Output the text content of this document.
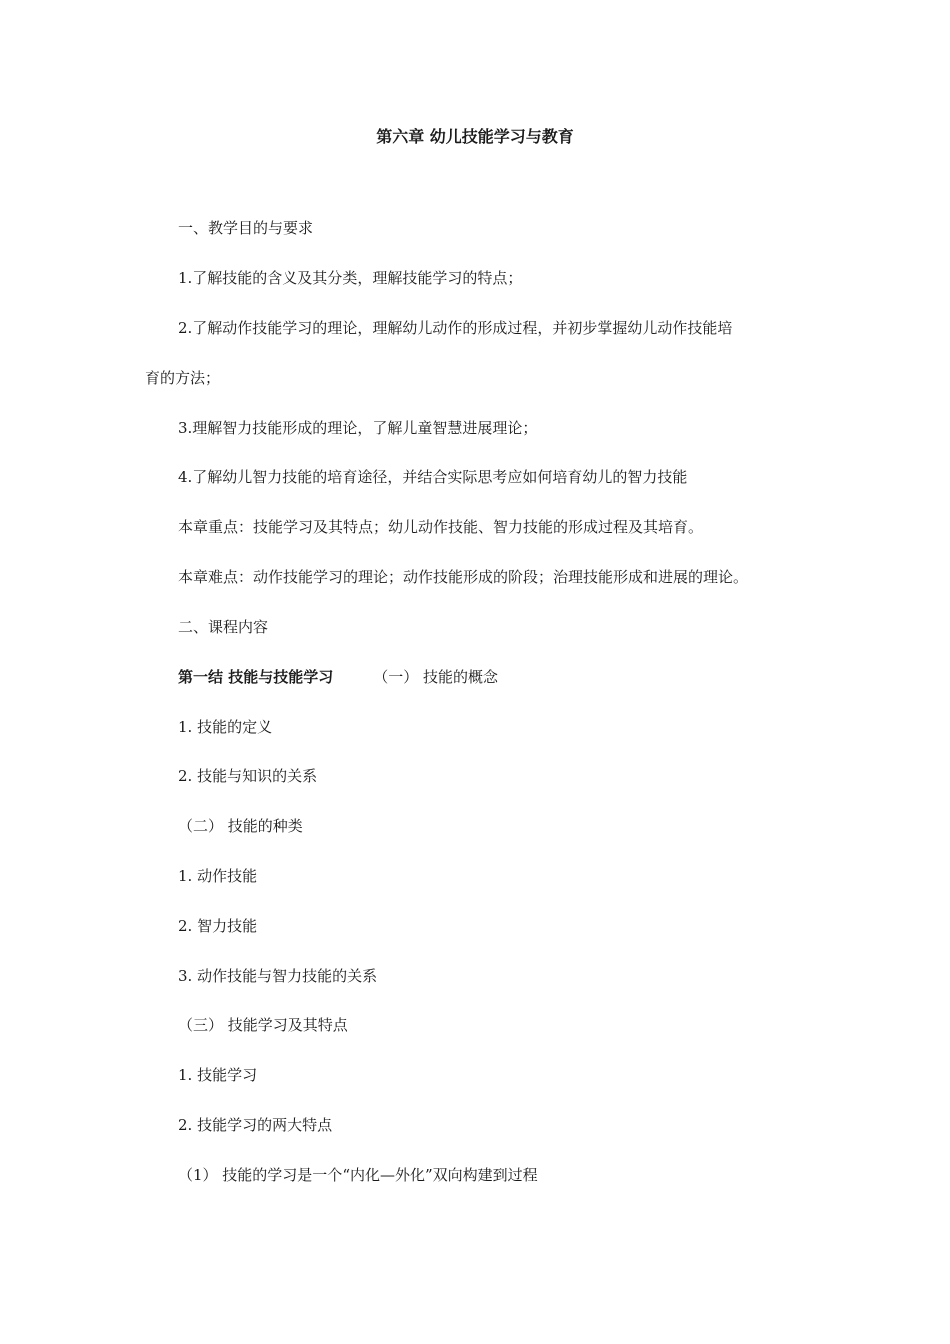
第六章 幼儿技能学习与教育
一、教学目的与要求
1.了解技能的含义及其分类，理解技能学习的特点；
2.了解动作技能学习的理论，理解幼儿动作的形成过程，并初步掌握幼儿动作技能培
育的方法；
3.理解智力技能形成的理论，了解儿童智慧进展理论；
4.了解幼儿智力技能的培育途径，并结合实际思考应如何培育幼儿的智力技能
本章重点：技能学习及其特点；幼儿动作技能、智力技能的形成过程及其培育。
本章难点：动作技能学习的理论；动作技能形成的阶段；治理技能形成和进展的理论。
二、课程内容
第一结 技能与技能学习	（一） 技能的概念
1. 技能的定义
2. 技能与知识的关系
（二） 技能的种类
1. 动作技能
2. 智力技能
3. 动作技能与智力技能的关系
（三） 技能学习及其特点
1. 技能学习
2. 技能学习的两大特点
（1） 技能的学习是一个“内化—外化”双向构建到过程
